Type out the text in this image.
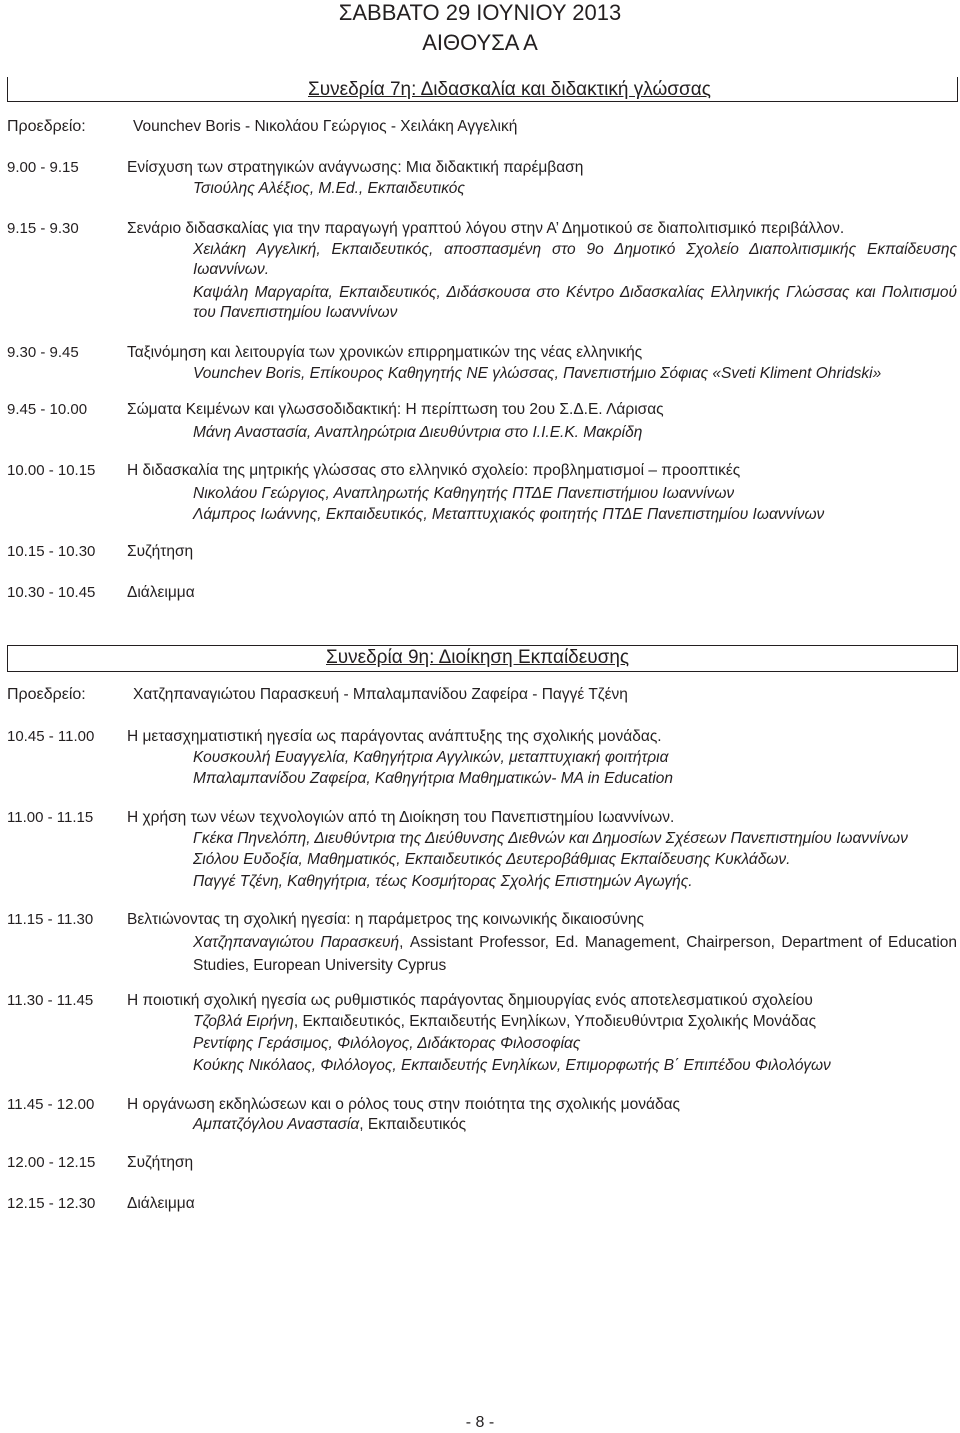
ΣΑΒΒΑΤΟ 29 ΙΟΥΝΙΟΥ 2013
ΑΙΘΟΥΣΑ Α
Συνεδρία 7η: Διδασκαλία και διδακτική γλώσσας
Προεδρείο:	Vounchev Boris - Νικολάου Γεώργιος - Χειλάκη Αγγελική
9.00 - 9.15	Ενίσχυση των στρατηγικών ανάγνωσης: Μια διδακτική παρέμβαση
Τσιούλης Αλέξιος, M.Ed., Εκπαιδευτικός
9.15 - 9.30	Σενάριο διδασκαλίας για την παραγωγή γραπτού λόγου στην Α’ Δημοτικού σε διαπολιτισμικό περιβάλλον.
Χειλάκη Αγγελική, Εκπαιδευτικός, αποσπασμένη στο 9ο Δημοτικό Σχολείο Διαπολιτισμικής Εκπαίδευσης Ιωαννίνων.
Καψάλη Μαργαρίτα, Εκπαιδευτικός, Διδάσκουσα στο Κέντρο Διδασκαλίας Ελληνικής Γλώσσας και Πολιτισμού του Πανεπιστημίου Ιωαννίνων
9.30 - 9.45	Ταξινόμηση και λειτουργία των χρονικών επιρρηματικών της νέας ελληνικής
Vounchev Boris, Επίκουρος Καθηγητής ΝΕ γλώσσας, Πανεπιστήμιο Σόφιας «Sveti Kliment Ohridski»
9.45 - 10.00	Σώματα Κειμένων και γλωσσοδιδακτική: Η περίπτωση του 2ου Σ.Δ.Ε. Λάρισας
Μάνη Αναστασία, Αναπληρώτρια Διευθύντρια στο Ι.Ι.Ε.Κ. Μακρίδη
10.00 - 10.15	Η διδασκαλία της μητρικής γλώσσας στο ελληνικό σχολείο: προβληματισμοί – προοπτικές
Νικολάου Γεώργιος, Αναπληρωτής Καθηγητής ΠΤΔΕ Πανεπιστήμιου Ιωαννίνων
Λάμπρος Ιωάννης, Εκπαιδευτικός, Μεταπτυχιακός φοιτητής ΠΤΔΕ Πανεπιστημίου Ιωαννίνων
10.15 - 10.30	Συζήτηση
10.30 - 10.45	Διάλειμμα
Συνεδρία 9η: Διοίκηση Εκπαίδευσης
Προεδρείο:	Χατζηπαναγιώτου Παρασκευή - Μπαλαμπανίδου Ζαφείρα - Παγγέ Τζένη
10.45 - 11.00	Η μετασχηματιστική ηγεσία ως παράγοντας ανάπτυξης της σχολικής μονάδας.
Κουσκουλή Ευαγγελία, Καθηγήτρια Αγγλικών, μεταπτυχιακή φοιτήτρια
Μπαλαμπανίδου Ζαφείρα, Καθηγήτρια Μαθηματικών- MA in Education
11.00 - 11.15	Η χρήση των νέων τεχνολογιών από τη Διοίκηση του Πανεπιστημίου Ιωαννίνων.
Γκέκα Πηνελόπη, Διευθύντρια της Διεύθυνσης Διεθνών και Δημοσίων Σχέσεων Πανεπιστημίου Ιωαννίνων
Σιόλου Ευδοξία, Μαθηματικός, Εκπαιδευτικός Δευτεροβάθμιας Εκπαίδευσης Κυκλάδων.
Παγγέ Τζένη, Καθηγήτρια, τέως Κοσμήτορας Σχολής Επιστημών Αγωγής.
11.15 - 11.30	Βελτιώνοντας τη σχολική ηγεσία: η παράμετρος της κοινωνικής δικαιοσύνης
Χατζηπαναγιώτου Παρασκευή, Assistant Professor, Ed. Management, Chairperson, Department of Education Studies, European University Cyprus
11.30 - 11.45	Η ποιοτική σχολική ηγεσία ως ρυθμιστικός παράγοντας δημιουργίας ενός αποτελεσματικού σχολείου
Τζοβλά Ειρήνη, Εκπαιδευτικός, Εκπαιδευτής Ενηλίκων, Υποδιευθύντρια Σχολικής Μονάδας
Ρεντίφης Γεράσιμος, Φιλόλογος, Διδάκτορας Φιλοσοφίας
Κούκης Νικόλαος, Φιλόλογος, Εκπαιδευτής Ενηλίκων, Επιμορφωτής Β΄ Επιπέδου Φιλολόγων
11.45 - 12.00	Η οργάνωση εκδηλώσεων και ο ρόλος τους στην ποιότητα της σχολικής μονάδας
Αμπατζόγλου Αναστασία, Εκπαιδευτικός
12.00 - 12.15	Συζήτηση
12.15 - 12.30	Διάλειμμα
- 8 -
